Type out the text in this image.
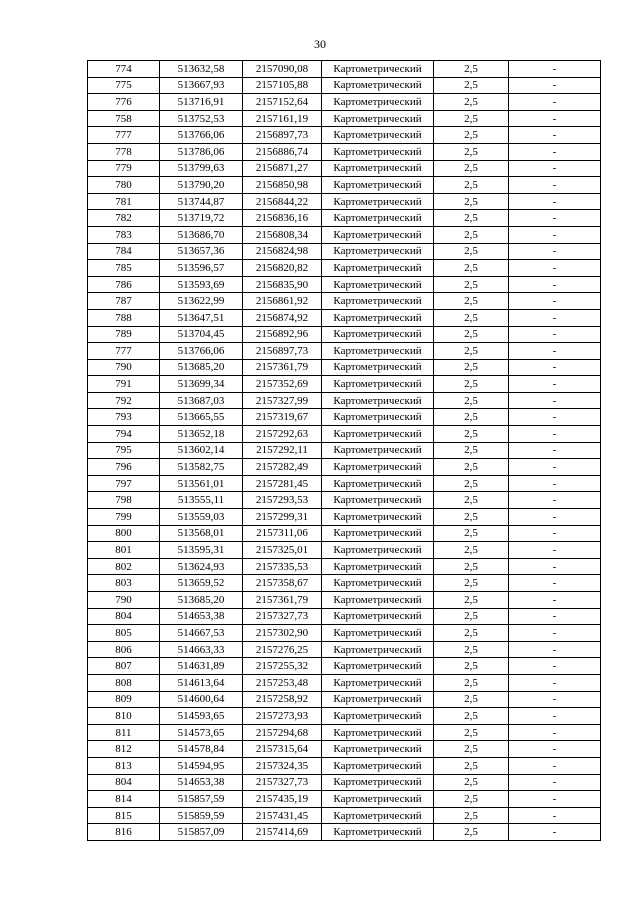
30
774	513632,58	2157090,08	Картометрический	2,5	-
775	513667,93	2157105,88	Картометрический	2,5	-
776	513716,91	2157152,64	Картометрический	2,5	-
758	513752,53	2157161,19	Картометрический	2,5	-
777	513766,06	2156897,73	Картометрический	2,5	-
778	513786,06	2156886,74	Картометрический	2,5	-
779	513799,63	2156871,27	Картометрический	2,5	-
780	513790,20	2156850,98	Картометрический	2,5	-
781	513744,87	2156844,22	Картометрический	2,5	-
782	513719,72	2156836,16	Картометрический	2,5	-
783	513686,70	2156808,34	Картометрический	2,5	-
784	513657,36	2156824,98	Картометрический	2,5	-
785	513596,57	2156820,82	Картометрический	2,5	-
786	513593,69	2156835,90	Картометрический	2,5	-
787	513622,99	2156861,92	Картометрический	2,5	-
788	513647,51	2156874,92	Картометрический	2,5	-
789	513704,45	2156892,96	Картометрический	2,5	-
777	513766,06	2156897,73	Картометрический	2,5	-
790	513685,20	2157361,79	Картометрический	2,5	-
791	513699,34	2157352,69	Картометрический	2,5	-
792	513687,03	2157327,99	Картометрический	2,5	-
793	513665,55	2157319,67	Картометрический	2,5	-
794	513652,18	2157292,63	Картометрический	2,5	-
795	513602,14	2157292,11	Картометрический	2,5	-
796	513582,75	2157282,49	Картометрический	2,5	-
797	513561,01	2157281,45	Картометрический	2,5	-
798	513555,11	2157293,53	Картометрический	2,5	-
799	513559,03	2157299,31	Картометрический	2,5	-
800	513568,01	2157311,06	Картометрический	2,5	-
801	513595,31	2157325,01	Картометрический	2,5	-
802	513624,93	2157335,53	Картометрический	2,5	-
803	513659,52	2157358,67	Картометрический	2,5	-
790	513685,20	2157361,79	Картометрический	2,5	-
804	514653,38	2157327,73	Картометрический	2,5	-
805	514667,53	2157302,90	Картометрический	2,5	-
806	514663,33	2157276,25	Картометрический	2,5	-
807	514631,89	2157255,32	Картометрический	2,5	-
808	514613,64	2157253,48	Картометрический	2,5	-
809	514600,64	2157258,92	Картометрический	2,5	-
810	514593,65	2157273,93	Картометрический	2,5	-
811	514573,65	2157294,68	Картометрический	2,5	-
812	514578,84	2157315,64	Картометрический	2,5	-
813	514594,95	2157324,35	Картометрический	2,5	-
804	514653,38	2157327,73	Картометрический	2,5	-
814	515857,59	2157435,19	Картометрический	2,5	-
815	515859,59	2157431,45	Картометрический	2,5	-
816	515857,09	2157414,69	Картометрический	2,5	-
